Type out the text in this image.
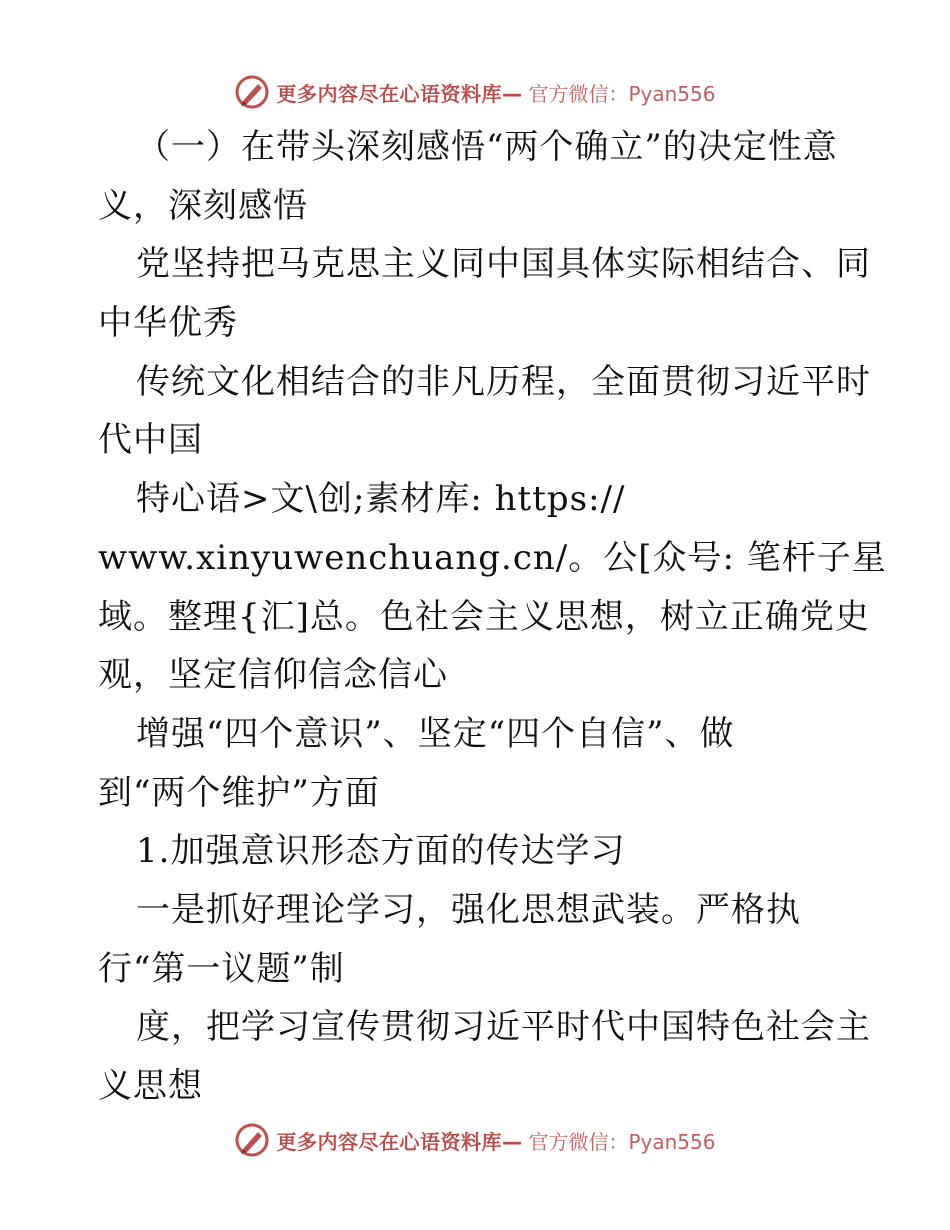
更多内容尽在心语资料库— 官方微信：Pyan556
（一）在带头深刻感悟“两个确立”的决定性意
义，深刻感悟
党坚持把马克思主义同中国具体实际相结合、同
中华优秀
传统文化相结合的非凡历程，全面贯彻习近平时
代中国
特心语>文\创;素材库: https://
www.xinyuwenchuang.cn/。公[众号: 笔杆子星
域。整理{汇]总。色社会主义思想，树立正确党史
观，坚定信仰信念信心
增强“四个意识”、坚定“四个自信”、做
到“两个维护”方面
1.加强意识形态方面的传达学习
一是抓好理论学习，强化思想武装。严格执
行“第一议题”制
度，把学习宣传贯彻习近平时代中国特色社会主
义思想
更多内容尽在心语资料库— 官方微信：Pyan556
